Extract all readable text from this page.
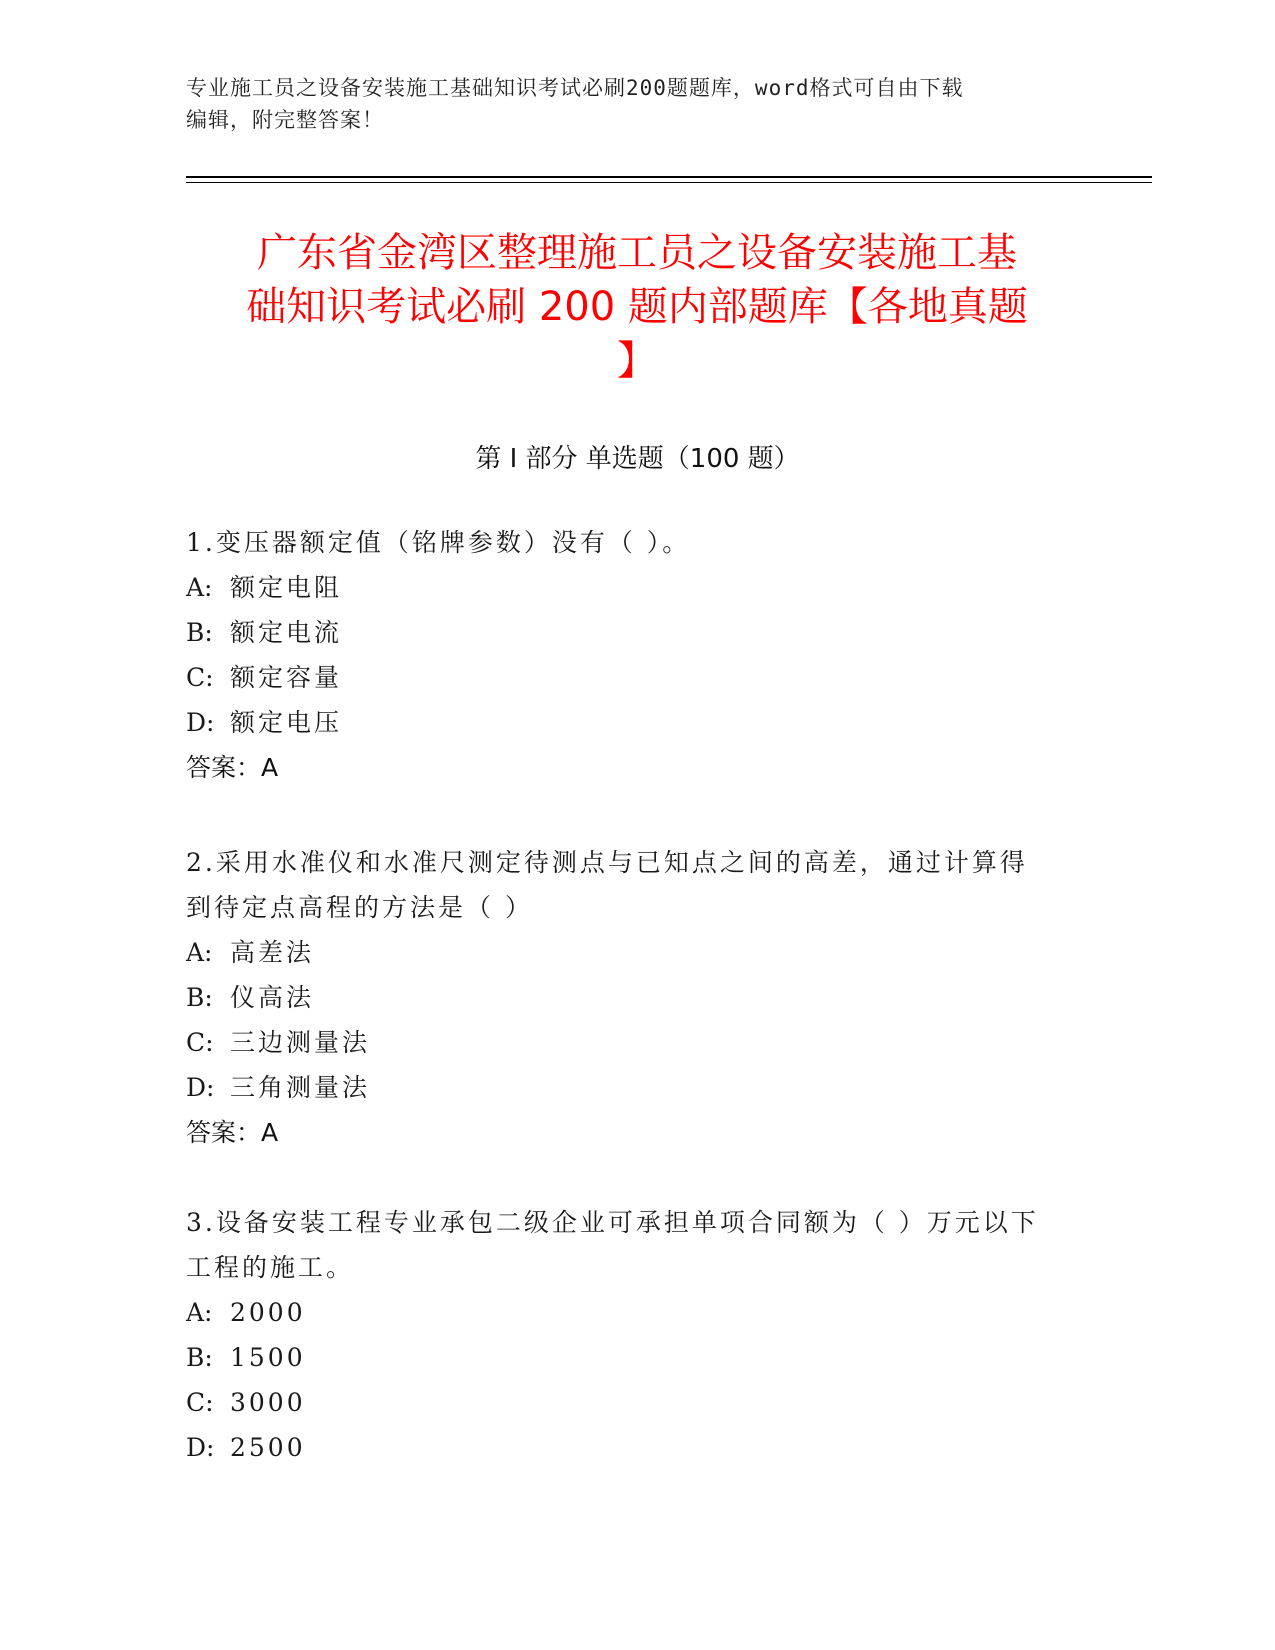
专业施工员之设备安装施工基础知识考试必刷200题题库，word格式可自由下载
编辑，附完整答案！
广东省金湾区整理施工员之设备安装施工基
础知识考试必刷 200 题内部题库【各地真题
】
第 I 部分 单选题（100 题）
1.变压器额定值（铭牌参数）没有（ ）。
A: 额定电阻
B: 额定电流
C: 额定容量
D: 额定电压
答案：A
2.采用水准仪和水准尺测定待测点与已知点之间的高差，通过计算得
到待定点高程的方法是（ ）
A: 高差法
B: 仪高法
C: 三边测量法
D: 三角测量法
答案：A
3.设备安装工程专业承包二级企业可承担单项合同额为（ ）万元以下
工程的施工。
A: 2000
B: 1500
C: 3000
D: 2500
